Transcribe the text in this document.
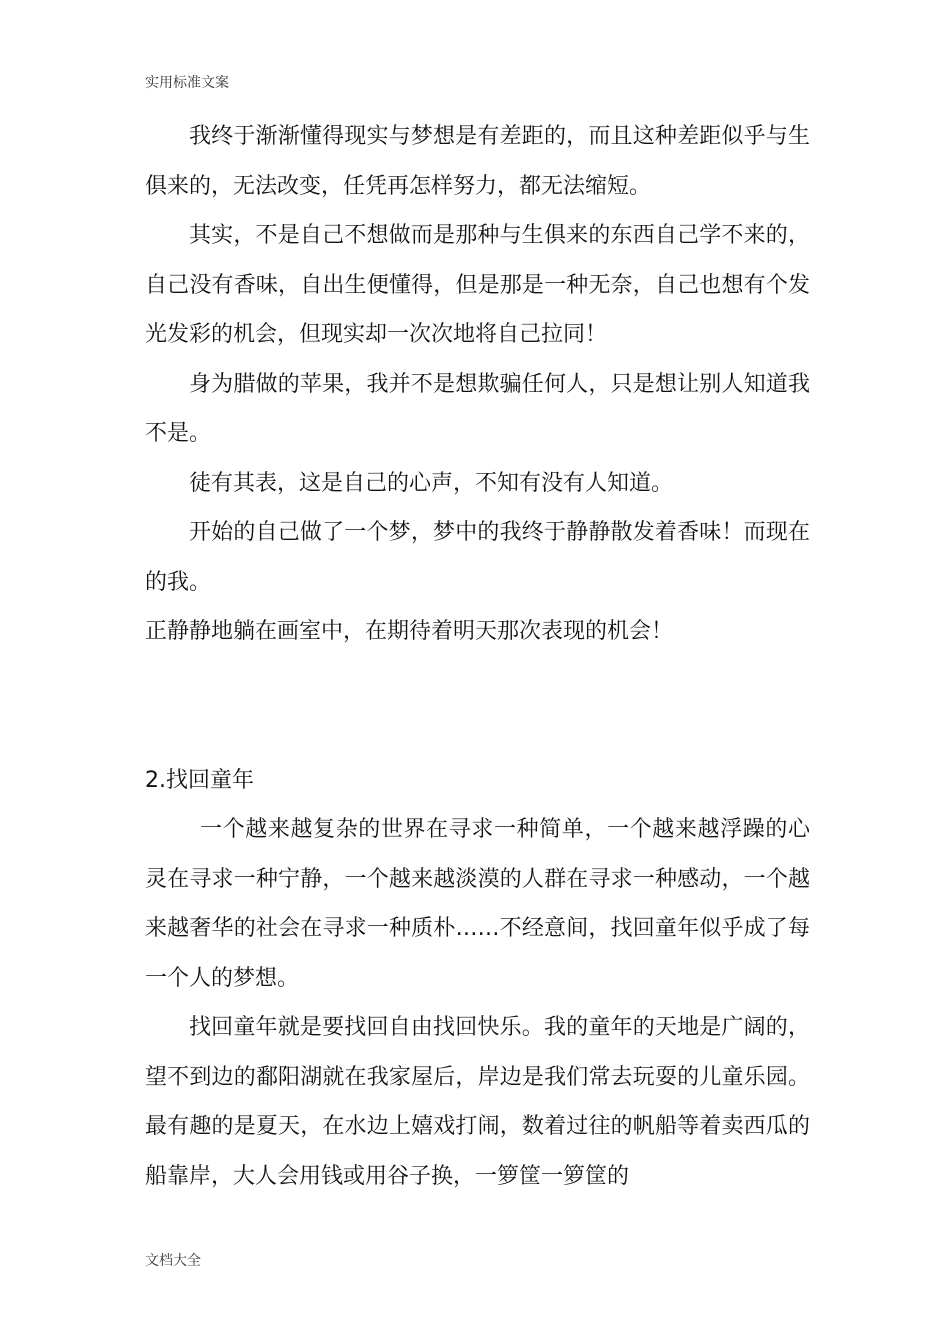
实用标准文案

我终于渐渐懂得现实与梦想是有差距的，而且这种差距似乎与生俱来的，无法改变，任凭再怎样努力，都无法缩短。

其实，不是自己不想做而是那种与生俱来的东西自己学不来的，自己没有香味，自出生便懂得，但是那是一种无奈，自己也想有个发光发彩的机会，但现实却一次次地将自己拉同！

身为腊做的苹果，我并不是想欺骗任何人，只是想让别人知道我不是。

徒有其表，这是自己的心声，不知有没有人知道。

开始的自己做了一个梦，梦中的我终于静静散发着香味！而现在的我。

正静静地躺在画室中，在期待着明天那次表现的机会！

2.找回童年

一个越来越复杂的世界在寻求一种简单，一个越来越浮躁的心灵在寻求一种宁静，一个越来越淡漠的人群在寻求一种感动，一个越来越奢华的社会在寻求一种质朴……不经意间，找回童年似乎成了每一个人的梦想。

找回童年就是要找回自由找回快乐。我的童年的天地是广阔的，望不到边的鄱阳湖就在我家屋后，岸边是我们常去玩耍的儿童乐园。最有趣的是夏天，在水边上嬉戏打闹，数着过往的帆船等着卖西瓜的船靠岸，大人会用钱或用谷子换，一箩筐一箩筐的

文档大全
